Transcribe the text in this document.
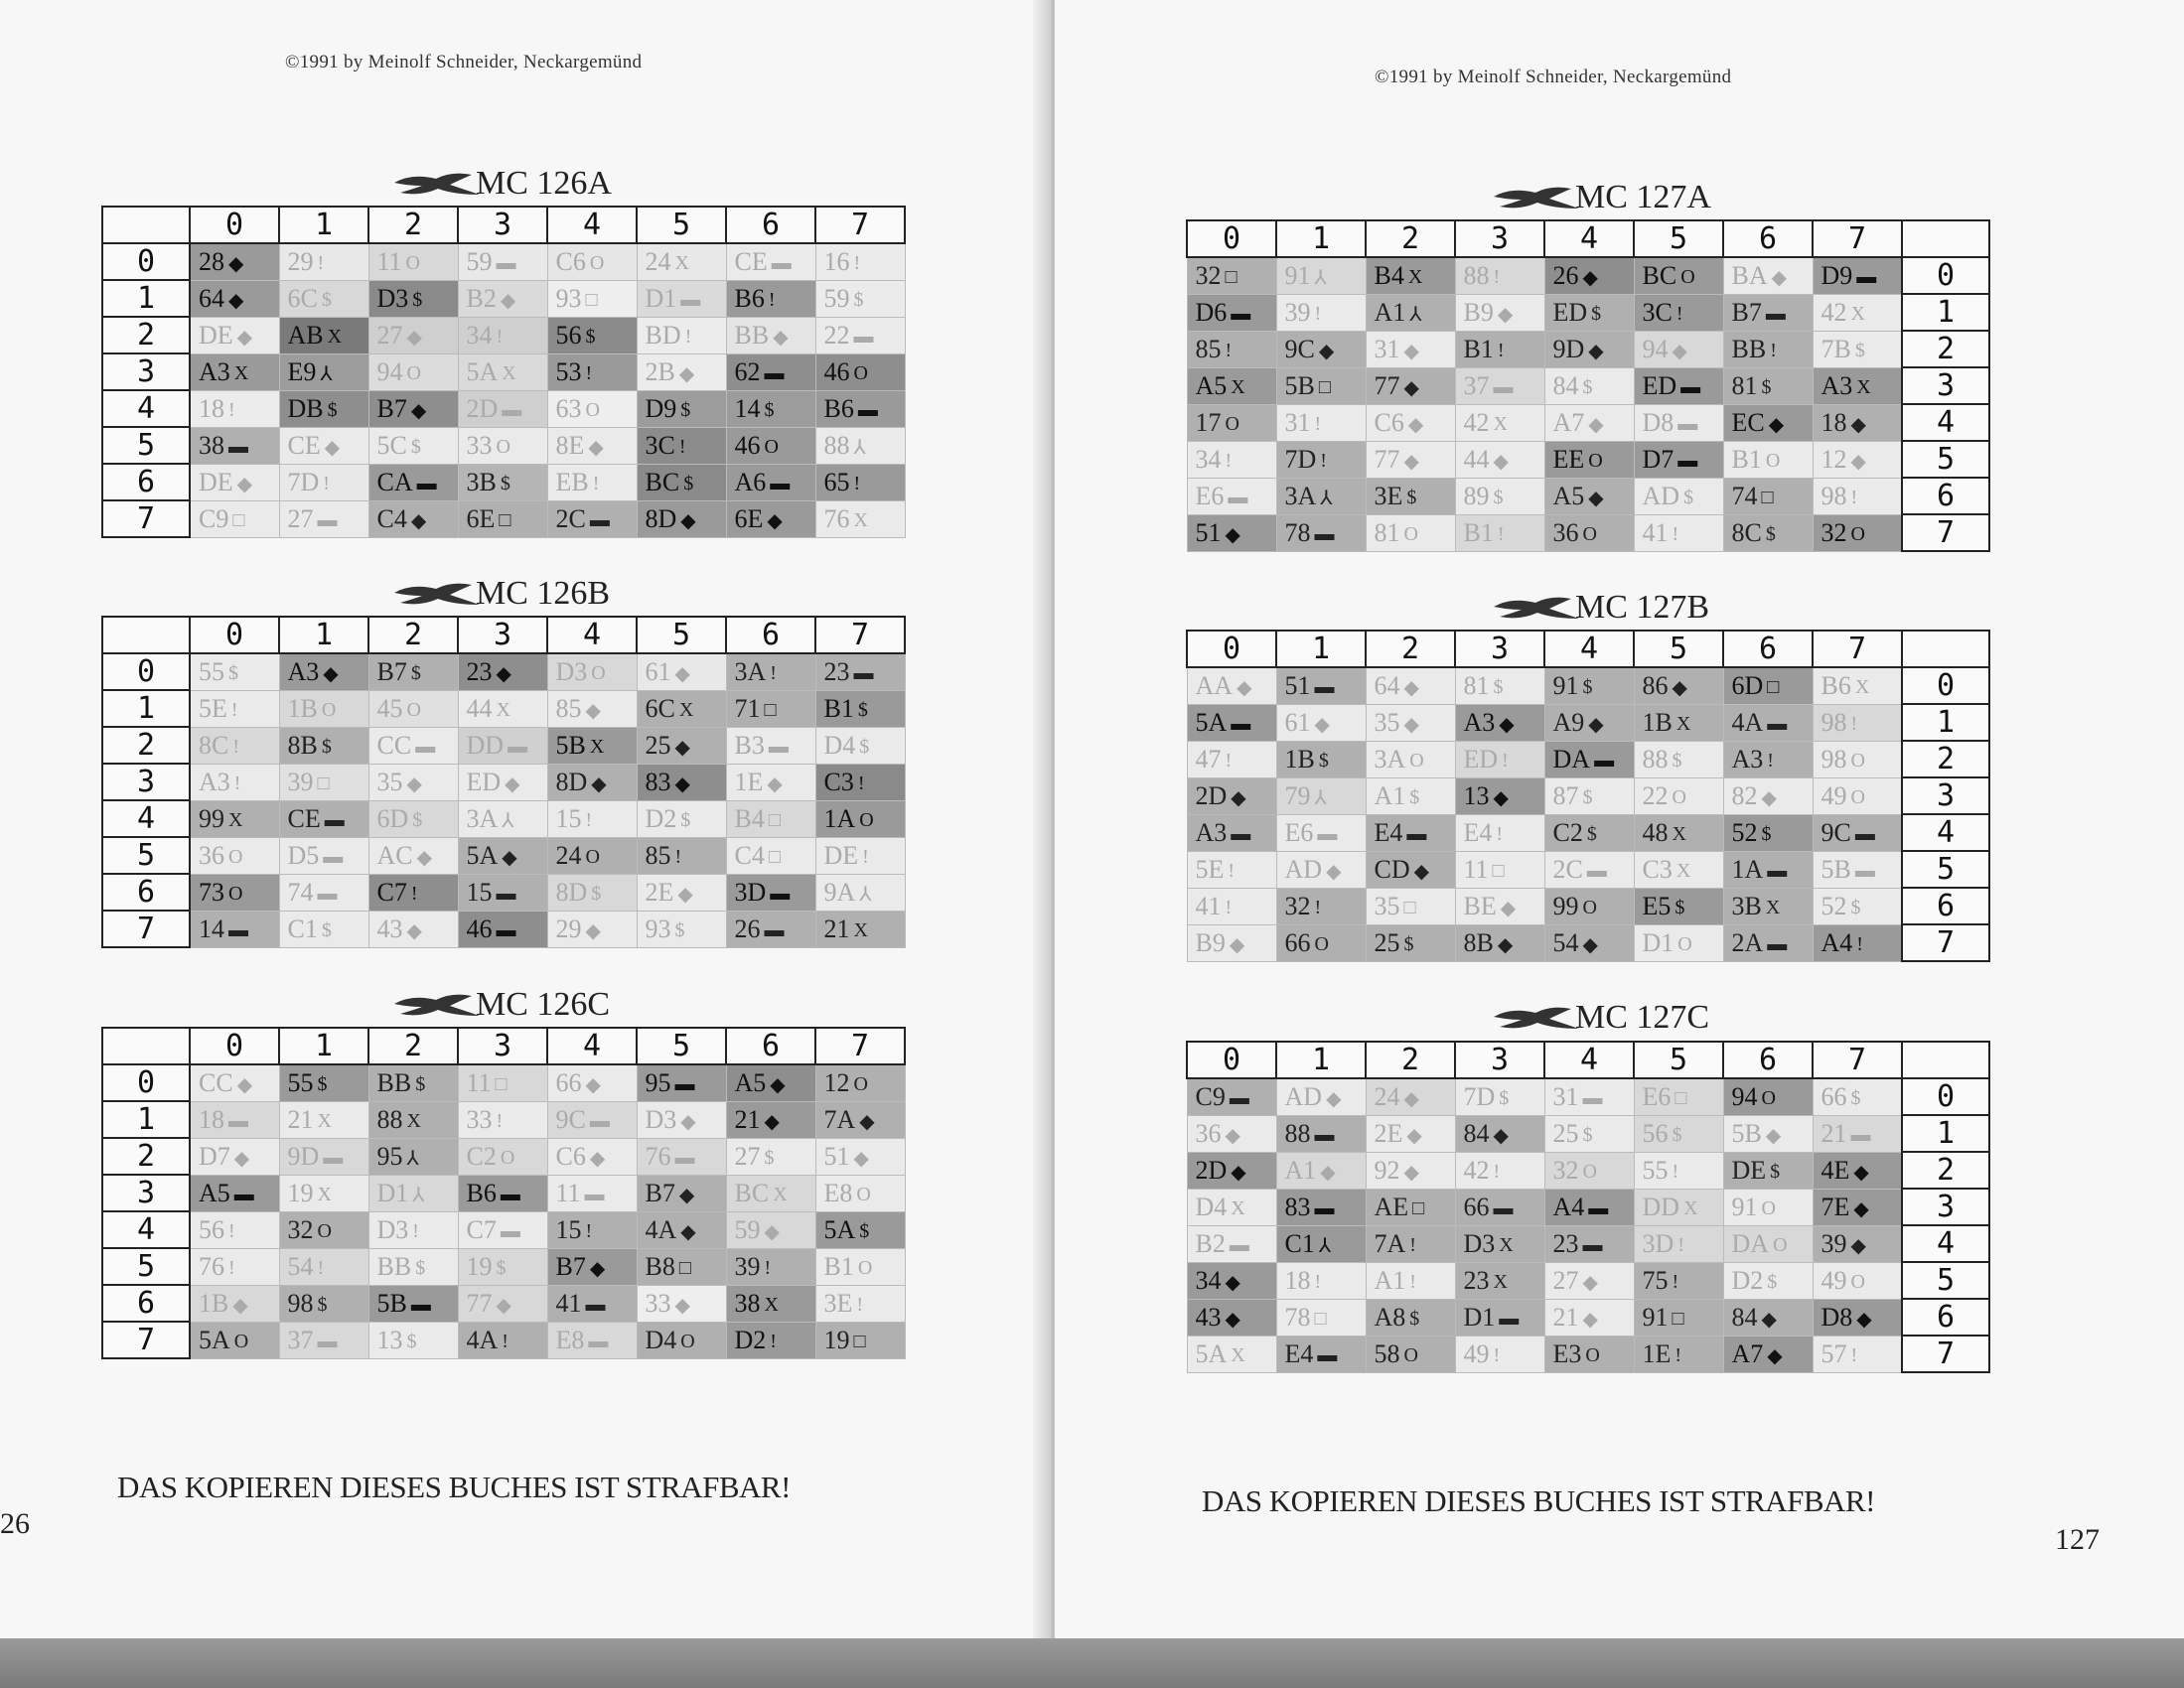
©1991 by Meinolf Schneider, Neckargemünd
MC 126A
	0	1	2	3	4	5	6	7
0	28 ◆	29 !	11 O	59 ▬	C6 O	24 X	CE ▬	16 !
1	64 ◆	6C $	D3 $	B2 ◆	93 □	D1 ▬	B6 !	59 $
2	DE ◆	AB X	27 ◆	34 !	56 $	BD !	BB ◆	22 ▬
3	A3 X	E9 ⅄	94 O	5A X	53 !	2B ◆	62 ▬	46 O
4	18 !	DB $	B7 ◆	2D ▬	63 O	D9 $	14 $	B6 ▬
5	38 ▬	CE ◆	5C $	33 O	8E ◆	3C !	46 O	88 ⅄
6	DE ◆	7D !	CA ▬	3B $	EB !	BC $	A6 ▬	65 !
7	C9 □	27 ▬	C4 ◆	6E □	2C ▬	8D ◆	6E ◆	76 X
MC 126B
	0	1	2	3	4	5	6	7
0	55 $	A3 ◆	B7 $	23 ◆	D3 O	61 ◆	3A !	23 ▬
1	5E !	1B O	45 O	44 X	85 ◆	6C X	71 □	B1 $
2	8C !	8B $	CC ▬	DD ▬	5B X	25 ◆	B3 ▬	D4 $
3	A3 !	39 □	35 ◆	ED ◆	8D ◆	83 ◆	1E ◆	C3 !
4	99 X	CE ▬	6D $	3A ⅄	15 !	D2 $	B4 □	1A O
5	36 O	D5 ▬	AC ◆	5A ◆	24 O	85 !	C4 □	DE !
6	73 O	74 ▬	C7 !	15 ▬	8D $	2E ◆	3D ▬	9A ⅄
7	14 ▬	C1 $	43 ◆	46 ▬	29 ◆	93 $	26 ▬	21 X
MC 126C
	0	1	2	3	4	5	6	7
0	CC ◆	55 $	BB $	11 □	66 ◆	95 ▬	A5 ◆	12 O
1	18 ▬	21 X	88 X	33 !	9C ▬	D3 ◆	21 ◆	7A ◆
2	D7 ◆	9D ▬	95 ⅄	C2 O	C6 ◆	76 ▬	27 $	51 ◆
3	A5 ▬	19 X	D1 ⅄	B6 ▬	11 ▬	B7 ◆	BC X	E8 O
4	56 !	32 O	D3 !	C7 ▬	15 !	4A ◆	59 ◆	5A $
5	76 !	54 !	BB $	19 $	B7 ◆	B8 □	39 !	B1 O
6	1B ◆	98 $	5B ▬	77 ◆	41 ▬	33 ◆	38 X	3E !
7	5A O	37 ▬	13 $	4A !	E8 ▬	D4 O	D2 !	19 □
DAS KOPIEREN DIESES BUCHES IST STRAFBAR!
26
©1991 by Meinolf Schneider, Neckargemünd
MC 127A
0	1	2	3	4	5	6	7	
32 □	91 ⅄	B4 X	88 !	26 ◆	BC O	BA ◆	D9 ▬	0
D6 ▬	39 !	A1 ⅄	B9 ◆	ED $	3C !	B7 ▬	42 X	1
85 !	9C ◆	31 ◆	B1 !	9D ◆	94 ◆	BB !	7B $	2
A5 X	5B □	77 ◆	37 ▬	84 $	ED ▬	81 $	A3 X	3
17 O	31 !	C6 ◆	42 X	A7 ◆	D8 ▬	EC ◆	18 ◆	4
34 !	7D !	77 ◆	44 ◆	EE O	D7 ▬	B1 O	12 ◆	5
E6 ▬	3A ⅄	3E $	89 $	A5 ◆	AD $	74 □	98 !	6
51 ◆	78 ▬	81 O	B1 !	36 O	41 !	8C $	32 O	7
MC 127B
0	1	2	3	4	5	6	7	
AA ◆	51 ▬	64 ◆	81 $	91 $	86 ◆	6D □	B6 X	0
5A ▬	61 ◆	35 ◆	A3 ◆	A9 ◆	1B X	4A ▬	98 !	1
47 !	1B $	3A O	ED !	DA ▬	88 $	A3 !	98 O	2
2D ◆	79 ⅄	A1 $	13 ◆	87 $	22 O	82 ◆	49 O	3
A3 ▬	E6 ▬	E4 ▬	E4 !	C2 $	48 X	52 $	9C ▬	4
5E !	AD ◆	CD ◆	11 □	2C ▬	C3 X	1A ▬	5B ▬	5
41 !	32 !	35 □	BE ◆	99 O	E5 $	3B X	52 $	6
B9 ◆	66 O	25 $	8B ◆	54 ◆	D1 O	2A ▬	A4 !	7
MC 127C
0	1	2	3	4	5	6	7	
C9 ▬	AD ◆	24 ◆	7D $	31 ▬	E6 □	94 O	66 $	0
36 ◆	88 ▬	2E ◆	84 ◆	25 $	56 $	5B ◆	21 ▬	1
2D ◆	A1 ◆	92 ◆	42 !	32 O	55 !	DE $	4E ◆	2
D4 X	83 ▬	AE □	66 ▬	A4 ▬	DD X	91 O	7E ◆	3
B2 ▬	C1 ⅄	7A !	D3 X	23 ▬	3D !	DA O	39 ◆	4
34 ◆	18 !	A1 !	23 X	27 ◆	75 !	D2 $	49 O	5
43 ◆	78 □	A8 $	D1 ▬	21 ◆	91 □	84 ◆	D8 ◆	6
5A X	E4 ▬	58 O	49 !	E3 O	1E !	A7 ◆	57 !	7
DAS KOPIEREN DIESES BUCHES IST STRAFBAR!
127
